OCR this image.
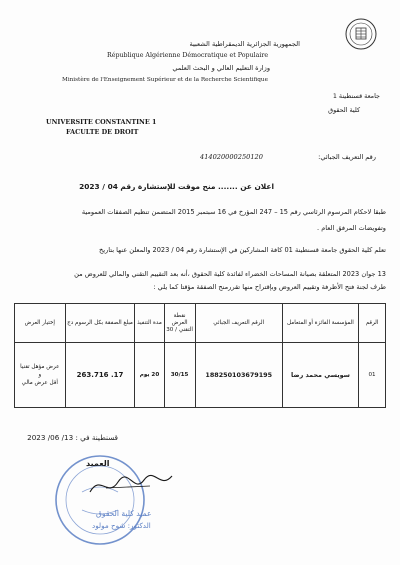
الجمهورية الجزائرية الديمقراطية الشعبية
République Algérienne Démocratique et Populaire
وزارة التعليم العالي و البحث العلمي
Ministère de l'Enseignement Supérieur et de la Recherche Scientifique
جامعة قسنطينة 1
كلية الحقوق
UNIVERSITE CONSTANTINE 1
FACULTE DE DROIT
رقم التعريف الجبائي:
414020000250120
اعلان عن ....... منح موقت للإستشارة رقم 04 / 2023
طبقا لاحكام المرسوم الرئاسي رقم 15 – 247 المؤرخ في 16 سبتمبر 2015 المتضمن تنظيم الصفقات العمومية
وتفويضات المرفق العام .
تعلم كلية الحقوق جامعة قسنطينة 01 كافة المشاركين في الإستشارة رقم 04 / 2023 والمعلن عنها بتاريخ
13 جوان 2023 المتعلقة بصيانة المساحات الخضراء لفائدة كلية الحقوق ،أنه بعد التقييم التقني والمالي للعروض من
طرف لجنة فتح الأظرفة وتقييم العروض وبإقتراح منها تقررمنح الصفقة مؤقتا كما يلي :
الرقم	المؤسسة الفائزة أو المتعامل	الرقم التعريف الجبائي	نقطة العرض التقني / 30	مدة التنفيذ	مبلغ الصفقة بكل الرسوم دج	إختيار العرض
01	سويسي محمد رضا	188250103679195	30/15	20 يوم	263.716 .17	عرض مؤهل تقنيا
و
أقل عرض مالي
قسنطينة في : 13/ 06/ 2023
العميد
عميد كلية الحقوق
الدكتور: شوح مولود
